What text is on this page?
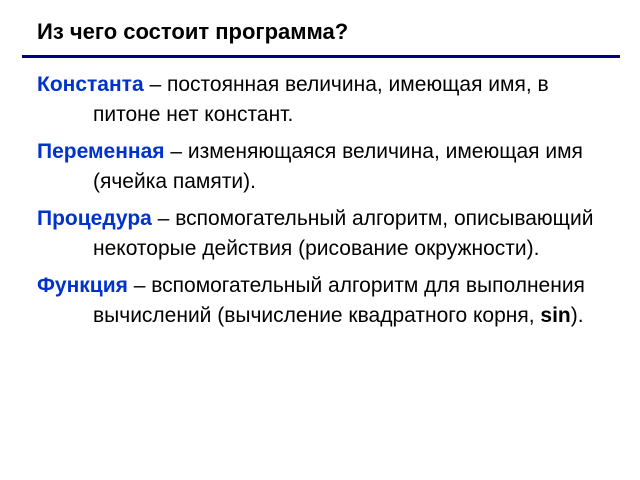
Из чего состоит программа?
Константа – постоянная величина, имеющая имя, в питоне нет констант.
Переменная – изменяющаяся величина, имеющая имя (ячейка памяти).
Процедура – вспомогательный алгоритм, описывающий некоторые действия (рисование окружности).
Функция – вспомогательный алгоритм для выполнения вычислений (вычисление квадратного корня, sin).
